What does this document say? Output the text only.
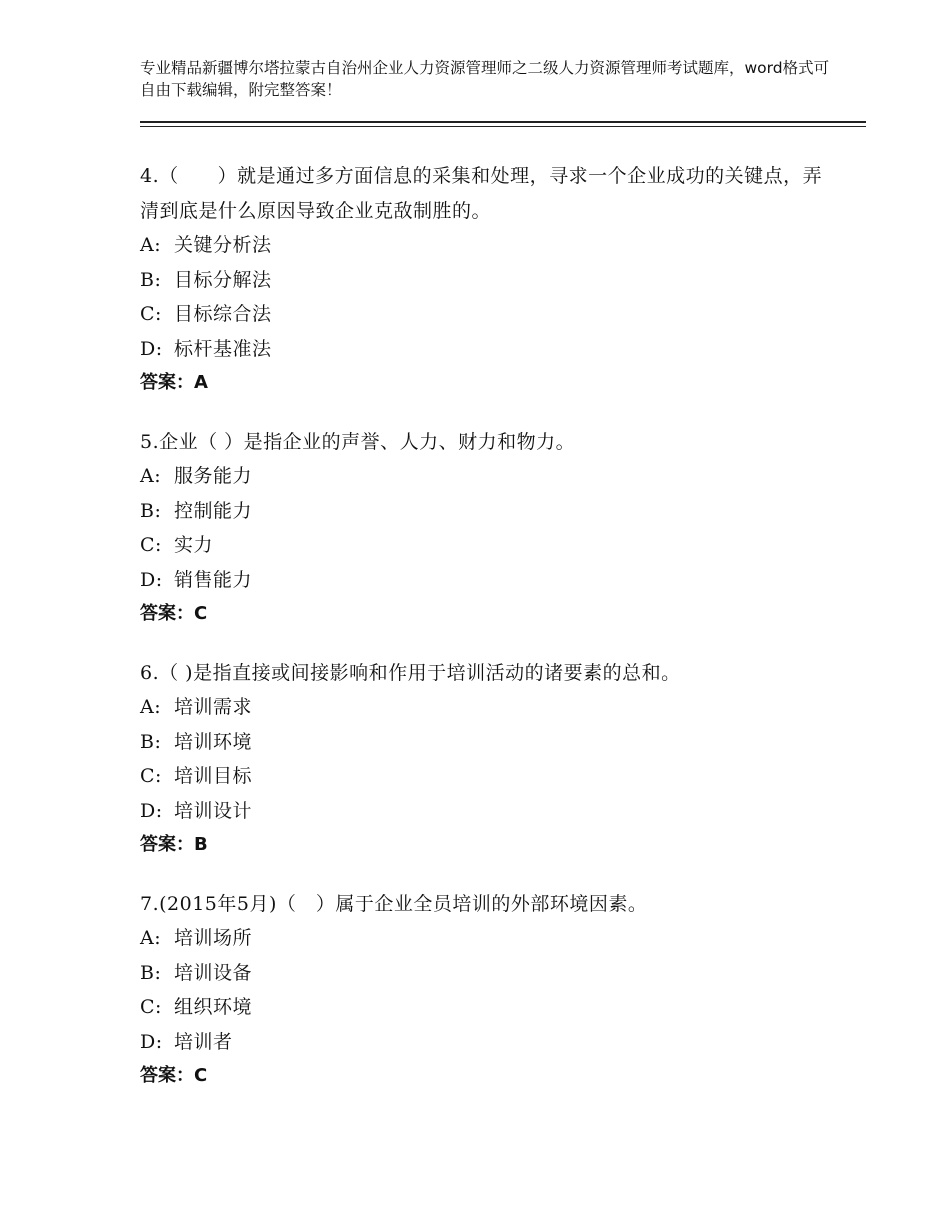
专业精品新疆博尔塔拉蒙古自治州企业人力资源管理师之二级人力资源管理师考试题库，word格式可自由下载编辑，附完整答案！

4.（　　）就是通过多方面信息的采集和处理，寻求一个企业成功的关键点，弄清到底是什么原因导致企业克敌制胜的。

A: 关键分析法

B: 目标分解法

C: 目标综合法

D: 标杆基准法

答案：A

5.企业（ ）是指企业的声誉、人力、财力和物力。

A: 服务能力

B: 控制能力

C: 实力

D: 销售能力

答案：C

6.（ )是指直接或间接影响和作用于培训活动的诸要素的总和。

A: 培训需求

B: 培训环境

C: 培训目标

D: 培训设计

答案：B

7.(2015年5月)（　）属于企业全员培训的外部环境因素。

A: 培训场所

B: 培训设备

C: 组织环境

D: 培训者

答案：C
